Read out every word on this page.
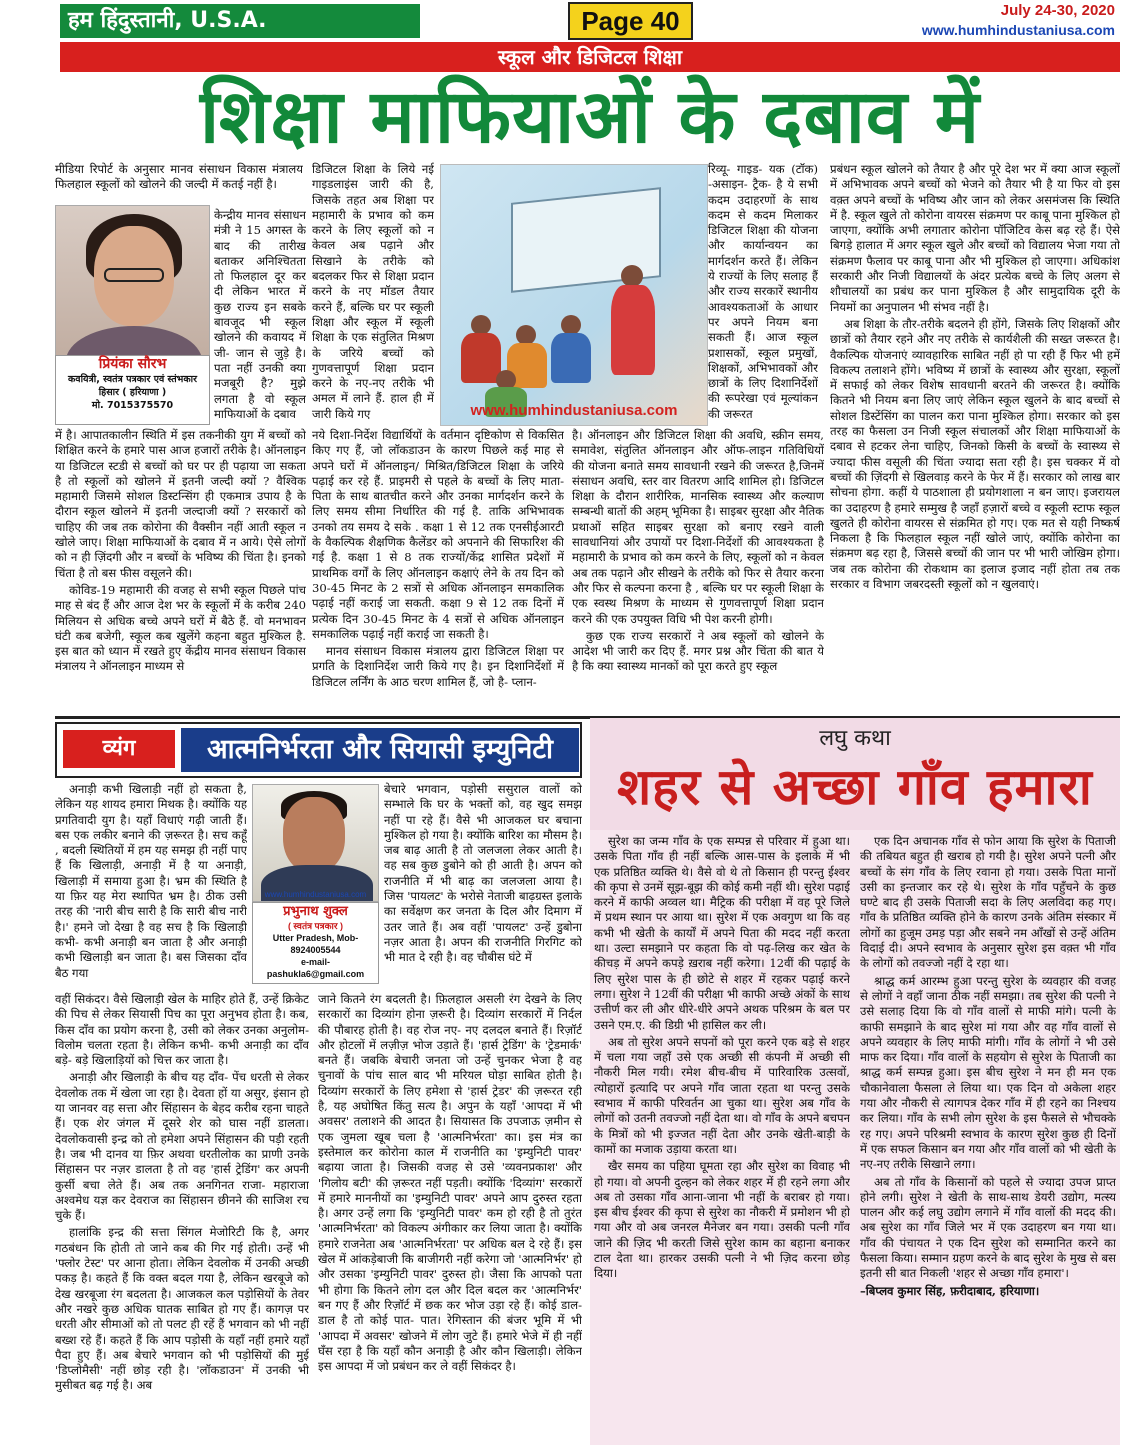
हम हिंदुस्तानी, U.S.A.	Page 40	July 24-30, 2020
www.humhindustaniusa.com
स्कूल और डिजिटल शिक्षा
शिक्षा माफियाओं के दबाव में

मीडिया रिपोर्ट के अनुसार मानव संसाधन विकास मंत्रालय फिलहाल स्कूलों को खोलने की जल्दी में कतई नहीं है।

प्रियंका सौरभ
कवयित्री, स्वतंत्र पत्रकार एवं स्तंभकार
हिसार ( हरियाणा )
मो. 7015375570

केन्द्रीय मानव संसाधन मंत्री ने 15 अगस्त के बाद की तारीख बताकर अनिश्चितता तो फिलहाल दूर कर दी लेकिन भारत में कुछ राज्य इन सबके बावजूद भी स्कूल खोलने की कवायद में जी- जान से जुड़े है। पता नहीं उनकी क्या मजबूरी है? मुझे लगता है वो स्कूल माफियाओं के दबाव

में है। आपातकालीन स्थिति में इस तकनीकी युग में बच्चों को शिक्षित करने के हमारे पास आज हजारों तरीके है। ऑनलाइन या डिजिटल स्टडी से बच्चों को घर पर ही पढ़ाया जा सकता है तो स्कूलों को खोलने में इतनी जल्दी क्यों ? वैश्विक महामारी जिसमे सोशल डिस्टन्सिंग ही एकमात्र उपाय है के दौरान स्कूल खोलने में इतनी जल्दाजी क्यों ? सरकारों को चाहिए की जब तक कोरोना की वैक्सीन नहीं आती स्कूल न खोले जाए। शिक्षा माफियाओं के दबाव में न आये। ऐसे लोगों को न ही ज़िंदगी और न बच्चों के भविष्य की चिंता है। इनको चिंता है तो बस फीस वसूलने की।

कोविड-19 महामारी की वजह से सभी स्कूल पिछले पांच माह से बंद हैं और आज देश भर के स्कूलों में के करीब 240 मिलियन से अधिक बच्चे अपने घरों में बैठे हैं. वो मनभावन घंटी कब बजेगी, स्कूल कब खुलेंगे कहना बहुत मुश्किल है. इस बात को ध्यान में रखते हुए केंद्रीय मानव संसाधन विकास मंत्रालय ने ऑनलाइन माध्यम से

डिजिटल शिक्षा के लिये नई गाइडलाइंस जारी की है, जिसके तहत अब शिक्षा पर महामारी के प्रभाव को कम करने के लिए स्कूलों को न केवल अब पढ़ाने और सिखाने के तरीके को बदलकर फिर से शिक्षा प्रदान करने के नए मॉडल तैयार करने हैं, बल्कि घर पर स्कूली शिक्षा और स्कूल में स्कूली शिक्षा के एक संतुलित मिश्रण के जरिये बच्चों को गुणवत्तापूर्ण शिक्षा प्रदान करने के नए-नए तरीके भी अमल में लाने हैं. हाल ही में जारी किये गए

नये दिशा-निर्देश विद्यार्थियों के वर्तमान दृष्टिकोण से विकसित किए गए हैं, जो लॉकडाउन के कारण पिछले कई माह से अपने घरों में ऑनलाइन/ मिश्रित/डिजिटल शिक्षा के जरिये पढ़ाई कर रहे हैं. प्राइमरी से पहले के बच्चों के लिए माता-पिता के साथ बातचीत करने और उनका मार्गदर्शन करने के लिए समय सीमा निर्धारित की गई है. ताकि अभिभावक उनको तय समय दे सके . कक्षा 1 से 12 तक एनसीईआरटी के वैकल्पिक शैक्षणिक कैलेंडर को अपनाने की सिफारिश की गई है. कक्षा 1 से 8 तक राज्यों/केंद्र शासित प्रदेशों में प्राथमिक वर्गों के लिए ऑनलाइन कक्षाएं लेने के तय दिन को 30-45 मिनट के 2 सत्रों से अधिक ऑनलाइन समकालिक पढ़ाई नहीं कराई जा सकती. कक्षा 9 से 12 तक दिनों में प्रत्येक दिन 30-45 मिनट के 4 सत्रों से अधिक ऑनलाइन समकालिक पढ़ाई नहीं कराई जा सकती है।

मानव संसाधन विकास मंत्रालय द्वारा डिजिटल शिक्षा पर प्रगति के दिशानिर्देश जारी किये गए है। इन दिशानिर्देशों में डिजिटल लर्निंग के आठ चरण शामिल हैं, जो है- प्लान-

www.humhindustaniusa.com

रिव्यू- गाइड- यक (टॉक) -असाइन- ट्रैक- है ये सभी कदम उदाहरणों के साथ कदम से कदम मिलाकर डिजिटल शिक्षा की योजना और कार्यान्वयन का मार्गदर्शन करते हैं। लेकिन ये राज्यों के लिए सलाह हैं और राज्य सरकारें स्थानीय आवश्यकताओं के आधार पर अपने नियम बना सकती हैं। आज स्कूल प्रशासकों, स्कूल प्रमुखों, शिक्षकों, अभिभावकों और छात्रों के लिए दिशानिर्देशों की रूपरेखा एवं मूल्यांकन की जरूरत

है। ऑनलाइन और डिजिटल शिक्षा की अवधि, स्क्रीन समय, समावेश, संतुलित ऑनलाइन और ऑफ-लाइन गतिविधियों की योजना बनाते समय सावधानी रखने की जरूरत है,जिनमें संसाधन अवधि, स्तर वार वितरण आदि शामिल हो। डिजिटल शिक्षा के दौरान शारीरिक, मानसिक स्वास्थ्य और कल्याण सम्बन्धी बातों की अहम् भूमिका है। साइबर सुरक्षा और नैतिक प्रथाओं सहित साइबर सुरक्षा को बनाए रखने वाली सावधानियां और उपायों पर दिशा-निर्देशों की आवश्यकता है महामारी के प्रभाव को कम करने के लिए, स्कूलों को न केवल अब तक पढ़ाने और सीखने के तरीके को फिर से तैयार करना और फिर से कल्पना करना है , बल्कि घर पर स्कूली शिक्षा के एक स्वस्थ मिश्रण के माध्यम से गुणवत्तापूर्ण शिक्षा प्रदान करने की एक उपयुक्त विधि भी पेश करनी होगी।

कुछ एक राज्य सरकारों ने अब स्कूलों को खोलने के आदेश भी जारी कर दिए हैं. मगर प्रश्न और चिंता की बात ये है कि क्या स्वास्थ्य मानकों को पूरा करते हुए स्कूल

प्रबंधन स्कूल खोलने को तैयार है और पूरे देश भर में क्या आज स्कूलों में अभिभावक अपने बच्चों को भेजने को तैयार भी है या फिर वो इस वक़्त अपने बच्चों के भविष्य और जान को लेकर असमंजस कि स्थिति में है. स्कूल खुले तो कोरोना वायरस संक्रमण पर काबू पाना मुश्किल हो जाएगा, क्योंकि अभी लगातार कोरोना पॉजिटिव केस बढ़ रहे हैं। ऐसे बिगड़े हालात में अगर स्कूल खुले और बच्चों को विद्यालय भेजा गया तो संक्रमण फैलाव पर काबू पाना और भी मुश्किल हो जाएगा। अधिकांश सरकारी और निजी विद्यालयों के अंदर प्रत्येक बच्चे के लिए अलग से शौचालयों का प्रबंध कर पाना मुश्किल है और सामुदायिक दूरी के नियमों का अनुपालन भी संभव नहीं है।

अब शिक्षा के तौर-तरीके बदलने ही होंगे, जिसके लिए शिक्षकों और छात्रों को तैयार रहने और नए तरीके से कार्यशैली की सख्त जरूरत है। वैकल्पिक योजनाएं व्यावहारिक साबित नहीं हो पा रही हैं फिर भी हमें विकल्प तलाशने होंगे। भविष्य में छात्रों के स्वास्थ्य और सुरक्षा, स्कूलों में सफाई को लेकर विशेष सावधानी बरतने की जरूरत है। क्योंकि कितने भी नियम बना लिए जाएं लेकिन स्कूल खुलने के बाद बच्चों से सोशल डिस्टेंसिंग का पालन करा पाना मुश्किल होगा। सरकार को इस तरह का फैसला उन निजी स्कूल संचालकों और शिक्षा माफियाओं के दबाव से हटकर लेना चाहिए, जिनको किसी के बच्चों के स्वास्थ्य से ज्यादा फीस वसूली की चिंता ज्यादा सता रही है। इस चक्कर में वो बच्चों की ज़िंदगी से खिलवाड़ करने के फेर में हैं। सरकार को लाख बार सोचना होगा. कहीं ये पाठशाला ही प्रयोगशाला न बन जाए। इजरायल का उदाहरण है हमारे सम्मुख है जहाँ हज़ारों बच्चे व स्कूली स्टाफ स्कूल खुलते ही कोरोना वायरस से संक्रमित हो गए। एक मत से यही निष्कर्ष निकला है कि फिलहाल स्कूल नहीं खोले जाएं, क्योंकि कोरोना का संक्रमण बढ़ रहा है, जिससे बच्चों की जान पर भी भारी जोखिम होगा। जब तक कोरोना की रोकथाम का इलाज इजाद नहीं होता तब तक सरकार व विभाग जबरदस्ती स्कूलों को न खुलवाएं।

व्यंग	आत्मनिर्भरता और सियासी इम्युनिटी

अनाड़ी कभी खिलाड़ी नहीं हो सकता है, लेकिन यह शायद हमारा मिथक है। क्योंकि यह प्रगतिवादी युग है। यहाँ विधाएं गढ़ी जाती हैं। बस एक लकीर बनाने की ज़रूरत है। सच कहूँ , बदली स्थितियों में हम यह समझ ही नहीं पाए हैं कि खिलाड़ी, अनाड़ी में है या अनाड़ी, खिलाड़ी में समाया हुआ है। भ्रम की स्थिति है या फ़िर यह मेरा स्थापित भ्रम है। ठीक उसी तरह की 'नारी बीच सारी है कि सारी बीच नारी है।' हमने जो देखा है वह सच है कि खिलाड़ी कभी- कभी अनाड़ी बन जाता है और अनाड़ी कभी खिलाड़ी बन जाता है। बस जिसका दाँव बैठ गया

www.humhindustaniusa.com
प्रभुनाथ शुक्ल
( स्वतंत्र पत्रकार )
Utter Pradesh, Mob-8924005544
e-mail- pashukla6@gmail.com

वहीं सिकंदर। वैसे खिलाड़ी खेल के माहिर होते हैं, उन्हें क्रिकेट की पिच से लेकर सियासी पिच का पूरा अनुभव होता है। कब, किस दाँव का प्रयोग करना है, उसी को लेकर उनका अनुलोम- विलोम चलता रहता है। लेकिन कभी- कभी अनाड़ी का दाँव बड़े- बड़े खिलाड़ियों को चित्त कर जाता है।

अनाड़ी और खिलाड़ी के बीच यह दाँव- पेंच धरती से लेकर देवलोक तक में खेला जा रहा है। देवता हों या असुर, इंसान हो या जानवर वह सत्ता और सिंहासन के बेहद करीब रहना चाहते हैं। एक शेर जंगल में दूसरे शेर को घास नहीं डालता। देवलोकवासी इन्द्र को तो हमेशा अपने सिंहासन की पड़ी रहती है। जब भी दानव या फ़िर अथवा धरतीलोक का प्राणी उनके सिंहासन पर नज़र डालता है तो वह 'हार्स ट्रेडिंग' कर अपनी कुर्सी बचा लेते हैं। अब तक अनगिनत राजा- महाराजा अश्वमेध यज्ञ कर देवराज का सिंहासन छीनने की साजिश रच चुके हैं।

हालांकि इन्द्र की सत्ता सिंगल मेजोरिटी कि है, अगर गठबंधन कि होती तो जाने कब की गिर गई होती। उन्हें भी 'फ्लोर टेस्ट' पर आना होता। लेकिन देवलोक में उनकी अच्छी पकड़ है। कहते हैं कि वक्त बदल गया है, लेकिन खरबूजे को देख खरबूजा रंग बदलता है। आजकल कल पड़ोसियों के तेवर और नखरे कुछ अधिक घातक साबित हो गए हैं। कागज़ पर धरती और सीमाओं को तो पलट ही रहें हैं भगवान को भी नहीं बख्श रहे हैं। कहते हैं कि आप पड़ोसी के यहाँ नहीं हमारे यहाँ पैदा हुए हैं। अब बेचारे भगवान को भी पड़ोसियों की मुई 'डिप्लोमैसी' नहीं छोड़ रही है। 'लॉकडाउन' में उनकी भी मुसीबत बढ़ गई है। अब

बेचारे भगवान, पड़ोसी ससुराल वालों को सम्भाले कि घर के भक्तों को, वह खुद समझ नहीं पा रहे हैं। वैसे भी आजकल घर बचाना मुश्किल हो गया है। क्योंकि बारिश का मौसम है। जब बाढ़ आती है तो जलजला लेकर आती है। वह सब कुछ डुबोने को ही आती है। अपन को राजनीति में भी बाढ़ का जलजला आया है। जिस 'पायलट' के भरोसे नेताजी बाढ़ग्रस्त इलाके का सर्वेक्षण कर जनता के दिल और दिमाग में उतर जाते हैं। अब वहीं 'पायलट' उन्हें डुबोना नज़र आता है। अपन की राजनीति गिरगिट को भी मात दे रही है। वह चौबीस घंटे में

जाने कितने रंग बदलती है। फ़िलहाल असली रंग देखने के लिए सरकारों का दिव्यांग होना ज़रूरी है। दिव्यांग सरकारों में निर्दल की पौबारह होती है। वह रोज नए- नए दलदल बनाते हैं। रिज़ॉर्ट और होटलों में लज़ीज़ भोज उड़ाते हैं। 'हार्स ट्रेडिंग' के 'ट्रेडमार्क' बनते हैं। जबकि बेचारी जनता जो उन्हें चुनकर भेजा है वह चुनावों के पांच साल बाद भी मरियल घोड़ा साबित होती है। दिव्यांग सरकारों के लिए हमेशा से 'हार्स ट्रेडर' की ज़रूरत रही है, यह अघोषित किंतु सत्य है। अपुन के यहाँ 'आपदा में भी अवसर' तलाशने की आदत है। सियासत कि उपजाऊ ज़मीन से एक जुमला खूब चला है 'आत्मनिर्भरता' का। इस मंत्र का इस्तेमाल कर कोरोना काल में राजनीति का 'इम्युनिटी पावर' बढ़ाया जाता है। जिसकी वजह से उसे 'व्यवनप्रकाश' और 'गिलोय बटी' की ज़रूरत नहीं पड़ती। क्योंकि 'दिव्यांग' सरकारों में हमारे माननीयों का 'इम्युनिटी पावर' अपने आप दुरुस्त रहता है। अगर उन्हें लगा कि 'इम्युनिटी पावर' कम हो रही है तो तुरंत 'आत्मनिर्भरता' को विकल्प अंगीकार कर लिया जाता है। क्योंकि हमारे राजनेता अब 'आत्मनिर्भरता' पर अधिक बल दे रहे हैं। इस खेल में आंकड़ेबाजी कि बाजीगरी नहीं करेगा जो 'आत्मनिर्भर' हो और उसका 'इम्युनिटी पावर' दुरुस्त हो। जैसा कि आपको पता भी होगा कि कितने लोग दल और दिल बदल कर 'आत्मनिर्भर' बन गए हैं और रिज़ॉर्ट में छक कर भोज उड़ा रहे हैं। कोई डाल- डाल है तो कोई पात- पात। रेगिस्तान की बंजर भूमि में भी 'आपदा में अवसर' खोजने में लोग जुटे हैं। हमारे भेजे में ही नहीं घँस रहा है कि यहाँ कौन अनाड़ी है और कौन खिलाड़ी। लेकिन इस आपदा में जो प्रबंधन कर ले वहीं सिकंदर है।

लघु कथा
शहर से अच्छा गाँव हमारा

सुरेश का जन्म गाँव के एक सम्पन्न से परिवार में हुआ था। उसके पिता गाँव ही नहीं बल्कि आस-पास के इलाके में भी एक प्रतिष्ठित व्यक्ति थे। वैसे वो थे तो किसान ही परन्तु ईश्वर की कृपा से उनमें सूझ-बूझ की कोई कमी नहीं थी। सुरेश पढ़ाई करने में काफी अव्वल था। मैट्रिक की परीक्षा में वह पूरे जिले में प्रथम स्थान पर आया था। सुरेश में एक अवगुण था कि वह कभी भी खेती के कार्यों में अपने पिता की मदद नहीं करता था। उल्टा समझाने पर कहता कि वो पढ़-लिख कर खेत के कीचड़ में अपने कपड़े ख़राब नहीं करेगा। 12वीं की पढ़ाई के लिए सुरेश पास के ही छोटे से शहर में रहकर पढ़ाई करने लगा। सुरेश ने 12वीं की परीक्षा भी काफी अच्छे अंकों के साथ उत्तीर्ण कर ली और धीरे-धीरे अपने अथक परिश्रम के बल पर उसने एम.ए. की डिग्री भी हासिल कर ली।

अब तो सुरेश अपने सपनों को पूरा करने एक बड़े से शहर में चला गया जहाँ उसे एक अच्छी सी कंपनी में अच्छी सी नौकरी मिल गयी। रमेश बीच-बीच में पारिवारिक उत्सवों, त्योहारों इत्यादि पर अपने गाँव जाता रहता था परन्तु उसके स्वभाव में काफी परिवर्तन आ चुका था। सुरेश अब गाँव के लोगों को उतनी तवज्जो नहीं देता था। वो गाँव के अपने बचपन के मित्रों को भी इज्जत नहीं देता और उनके खेती-बाड़ी के कामों का मजाक उड़ाया करता था।

खैर समय का पहिया घूमता रहा और सुरेश का विवाह भी हो गया। वो अपनी दुल्हन को लेकर शहर में ही रहने लगा और अब तो उसका गाँव आना-जाना भी नहीं के बराबर हो गया। इस बीच ईश्वर की कृपा से सुरेश का नौकरी में प्रमोशन भी हो गया और वो अब जनरल मैनेजर बन गया। उसकी पत्नी गाँव जाने की ज़िद भी करती जिसे सुरेश काम का बहाना बनाकर टाल देता था। हारकर उसकी पत्नी ने भी ज़िद करना छोड़ दिया।

एक दिन अचानक गाँव से फोन आया कि सुरेश के पिताजी की तबियत बहुत ही खराब हो गयी है। सुरेश अपने पत्नी और बच्चों के संग गाँव के लिए रवाना हो गया। उसके पिता मानों उसी का इन्तजार कर रहे थे। सुरेश के गाँव पहुँचने के कुछ घण्टे बाद ही उसके पिताजी सदा के लिए अलविदा कह गए। गाँव के प्रतिष्ठित व्यक्ति होने के कारण उनके अंतिम संस्कार में लोगों का हुजूम उमड़ पड़ा और सबने नम आँखों से उन्हें अंतिम विदाई दी। अपने स्वभाव के अनुसार सुरेश इस वक़्त भी गाँव के लोगों को तवज्जो नहीं दे रहा था।

श्राद्ध कर्म आरम्भ हुआ परन्तु सुरेश के व्यवहार की वजह से लोगों ने वहाँ जाना ठीक नहीं समझा। तब सुरेश की पत्नी ने उसे सलाह दिया कि वो गाँव वालों से माफी मांगे। पत्नी के काफी समझाने के बाद सुरेश मां गया और वह गाँव वालों से अपने व्यवहार के लिए माफी मांगी। गाँव के लोगों ने भी उसे माफ कर दिया। गाँव वालों के सहयोग से सुरेश के पिताजी का श्राद्ध कर्म सम्पन्न हुआ। इस बीच सुरेश ने मन ही मन एक चौकानेवाला फैसला ले लिया था। एक दिन वो अकेला शहर गया और नौकरी से त्यागपत्र देकर गाँव में ही रहने का निश्चय कर लिया। गाँव के सभी लोग सुरेश के इस फैसले से भौचक्के रह गए। अपने परिश्रमी स्वभाव के कारण सुरेश कुछ ही दिनों में एक सफल किसान बन गया और गाँव वालों को भी खेती के नए-नए तरीके सिखाने लगा।

अब तो गाँव के किसानों को पहले से ज्यादा उपज प्राप्त होने लगी। सुरेश ने खेती के साथ-साथ डेयरी उद्योग, मत्स्य पालन और कई लघु उद्योग लगाने में गाँव वालों की मदद की। अब सुरेश का गाँव जिले भर में एक उदाहरण बन गया था। गाँव की पंचायत ने एक दिन सुरेश को सम्मानित करने का फैसला किया। सम्मान ग्रहण करने के बाद सुरेश के मुख से बस इतनी सी बात निकली 'शहर से अच्छा गाँव हमारा'।

–बिप्लव कुमार सिंह, फ़रीदाबाद, हरियाणा।
